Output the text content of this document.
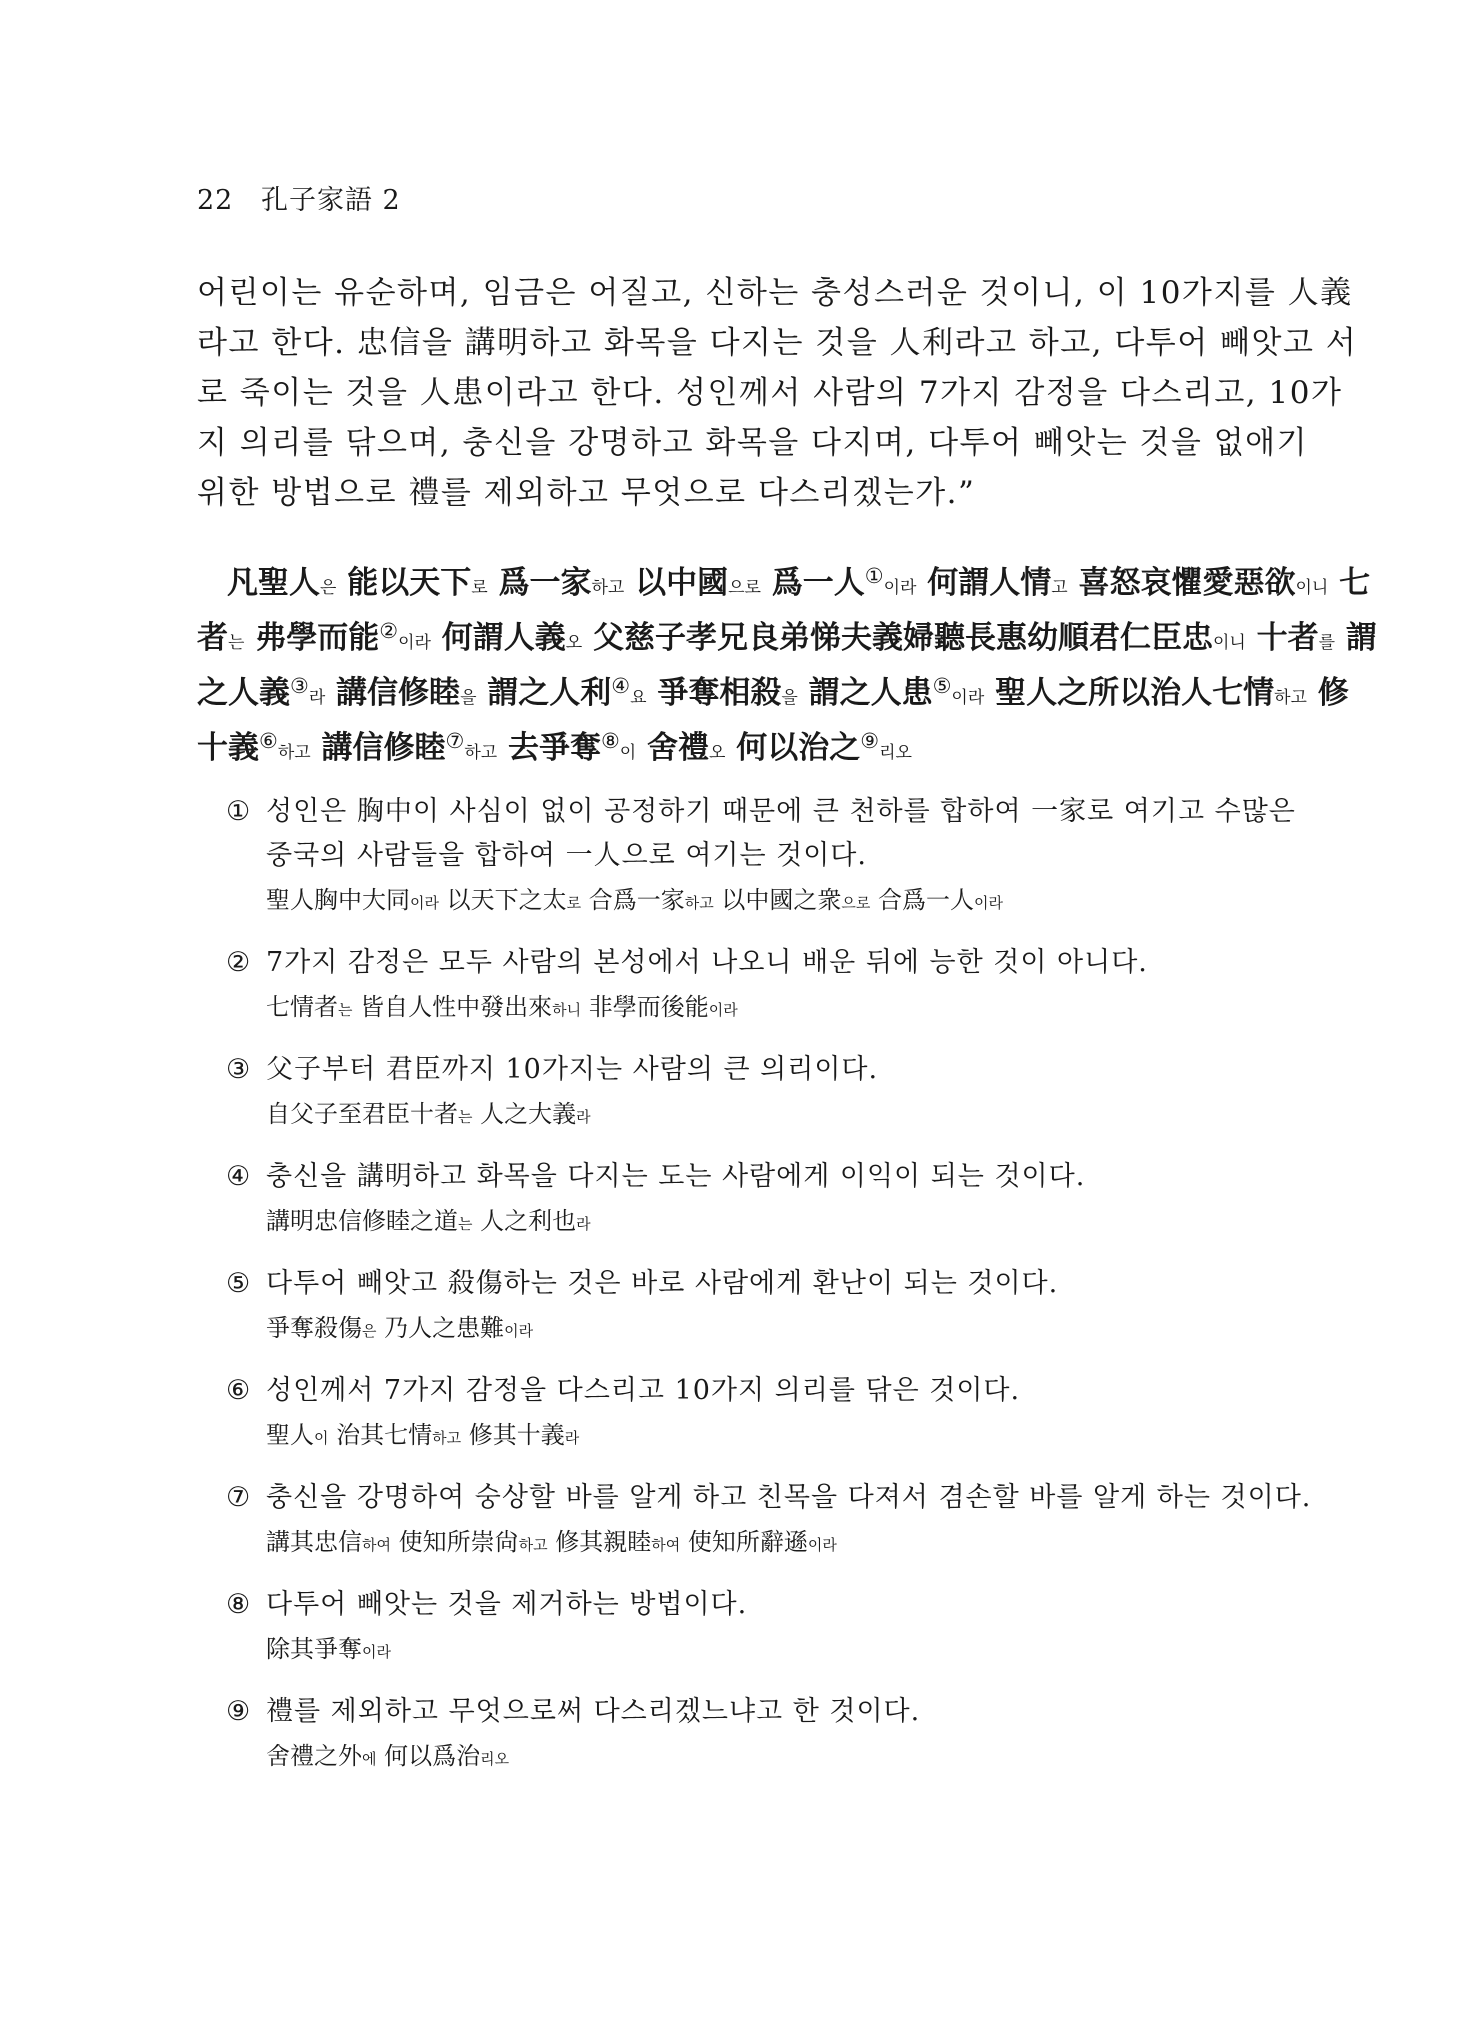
22 孔子家語 2
어린이는 유순하며, 임금은 어질고, 신하는 충성스러운 것이니, 이 10가지를 人義
라고 한다. 忠信을 講明하고 화목을 다지는 것을 人利라고 하고, 다투어 빼앗고 서
로 죽이는 것을 人患이라고 한다. 성인께서 사람의 7가지 감정을 다스리고, 10가
지 의리를 닦으며, 충신을 강명하고 화목을 다지며, 다투어 빼앗는 것을 없애기
위한 방법으로 禮를 제외하고 무엇으로 다스리겠는가.”
凡聖人은 能以天下로 爲一家하고 以中國으로 爲一人①이라 何謂人情고 喜怒哀懼愛惡欲이니 七
者는 弗學而能②이라 何謂人義오 父慈子孝兄良弟悌夫義婦聽長惠幼順君仁臣忠이니 十者를 謂
之人義③라 講信修睦을 謂之人利④요 爭奪相殺을 謂之人患⑤이라 聖人之所以治人七情하고 修
十義⑥하고 講信修睦⑦하고 去爭奪⑧이 舍禮오 何以治之⑨리오
① 성인은 胸中이 사심이 없이 공정하기 때문에 큰 천하를 합하여 一家로 여기고 수많은
중국의 사람들을 합하여 一人으로 여기는 것이다.
聖人胸中大同이라 以天下之太로 合爲一家하고 以中國之衆으로 合爲一人이라
② 7가지 감정은 모두 사람의 본성에서 나오니 배운 뒤에 능한 것이 아니다.
七情者는 皆自人性中發出來하니 非學而後能이라
③ 父子부터 君臣까지 10가지는 사람의 큰 의리이다.
自父子至君臣十者는 人之大義라
④ 충신을 講明하고 화목을 다지는 도는 사람에게 이익이 되는 것이다.
講明忠信修睦之道는 人之利也라
⑤ 다투어 빼앗고 殺傷하는 것은 바로 사람에게 환난이 되는 것이다.
爭奪殺傷은 乃人之患難이라
⑥ 성인께서 7가지 감정을 다스리고 10가지 의리를 닦은 것이다.
聖人이 治其七情하고 修其十義라
⑦ 충신을 강명하여 숭상할 바를 알게 하고 친목을 다져서 겸손할 바를 알게 하는 것이다.
講其忠信하여 使知所崇尙하고 修其親睦하여 使知所辭遜이라
⑧ 다투어 빼앗는 것을 제거하는 방법이다.
除其爭奪이라
⑨ 禮를 제외하고 무엇으로써 다스리겠느냐고 한 것이다.
舍禮之外에 何以爲治리오
